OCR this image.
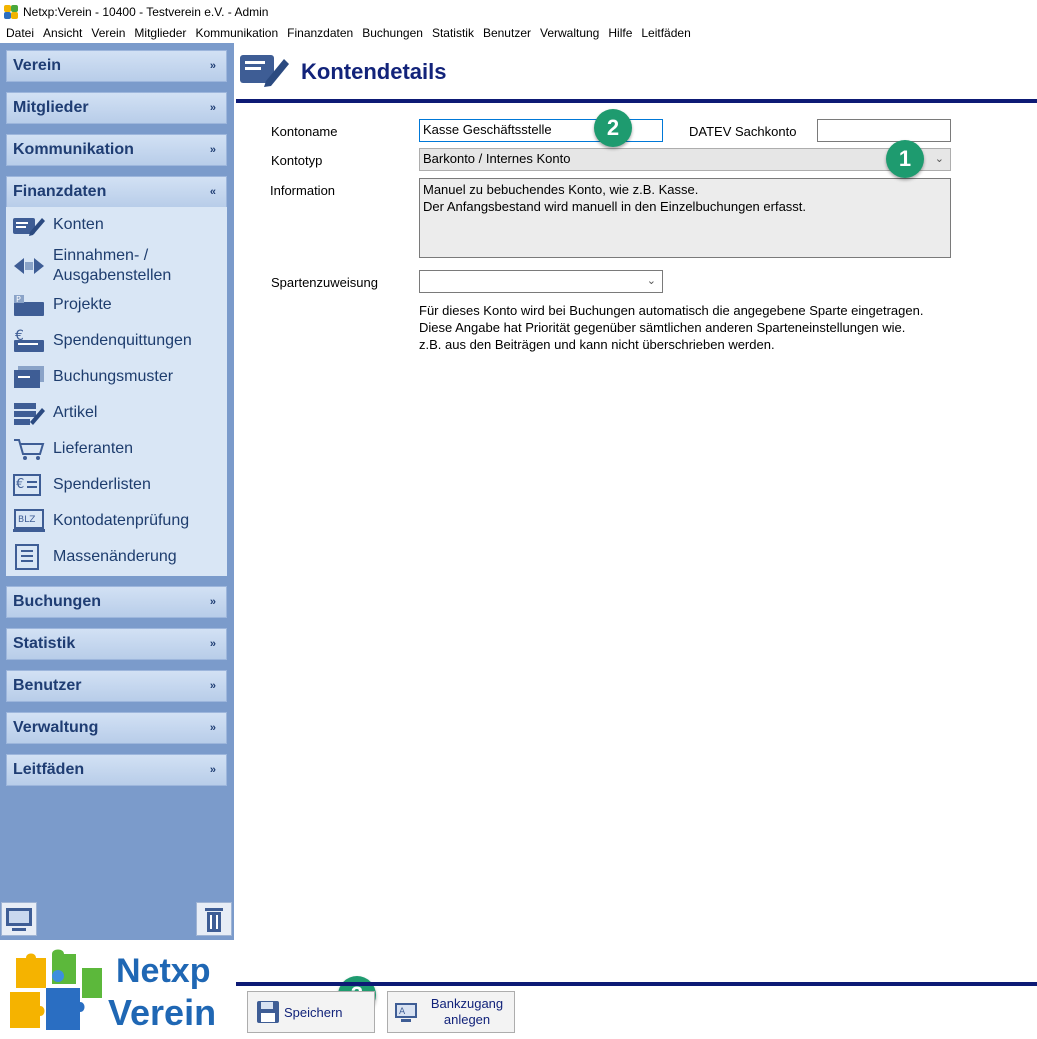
Netxp:Verein - 10400 - Testverein e.V. - Admin
Datei Ansicht Verein Mitglieder Kommunikation Finanzdaten Buchungen Statistik Benutzer Verwaltung Hilfe Leitfäden
Verein	»
Mitglieder	»
Kommunikation	»
Finanzdaten	«
Konten
Einnahmen- /
Ausgabenstellen
P Projekte
€ Spendenquittungen
Buchungsmuster
Artikel
Lieferanten
€ Spenderlisten
BLZ Kontodatenprüfung
Massenänderung
Buchungen	»
Statistik	»
Benutzer	»
Verwaltung	»
Leitfäden	»
Netxp
Verein
Kontendetails
Kontoname	Kasse Geschäftsstelle	DATEV Sachkonto
Kontotyp	Barkonto / Internes Konto	⌄
Information	Manuel zu bebuchendes Konto, wie z.B. Kasse.
Der Anfangsbestand wird manuell in den Einzelbuchungen erfasst.
Spartenzuweisung	⌄
Für dieses Konto wird bei Buchungen automatisch die angegebene Sparte eingetragen.
Diese Angabe hat Priorität gegenüber sämtlichen anderen Sparteneinstellungen wie.
z.B. aus den Beiträgen und kann nicht überschrieben werden.
2
1
Speichern	A
Bankzugang
anlegen
